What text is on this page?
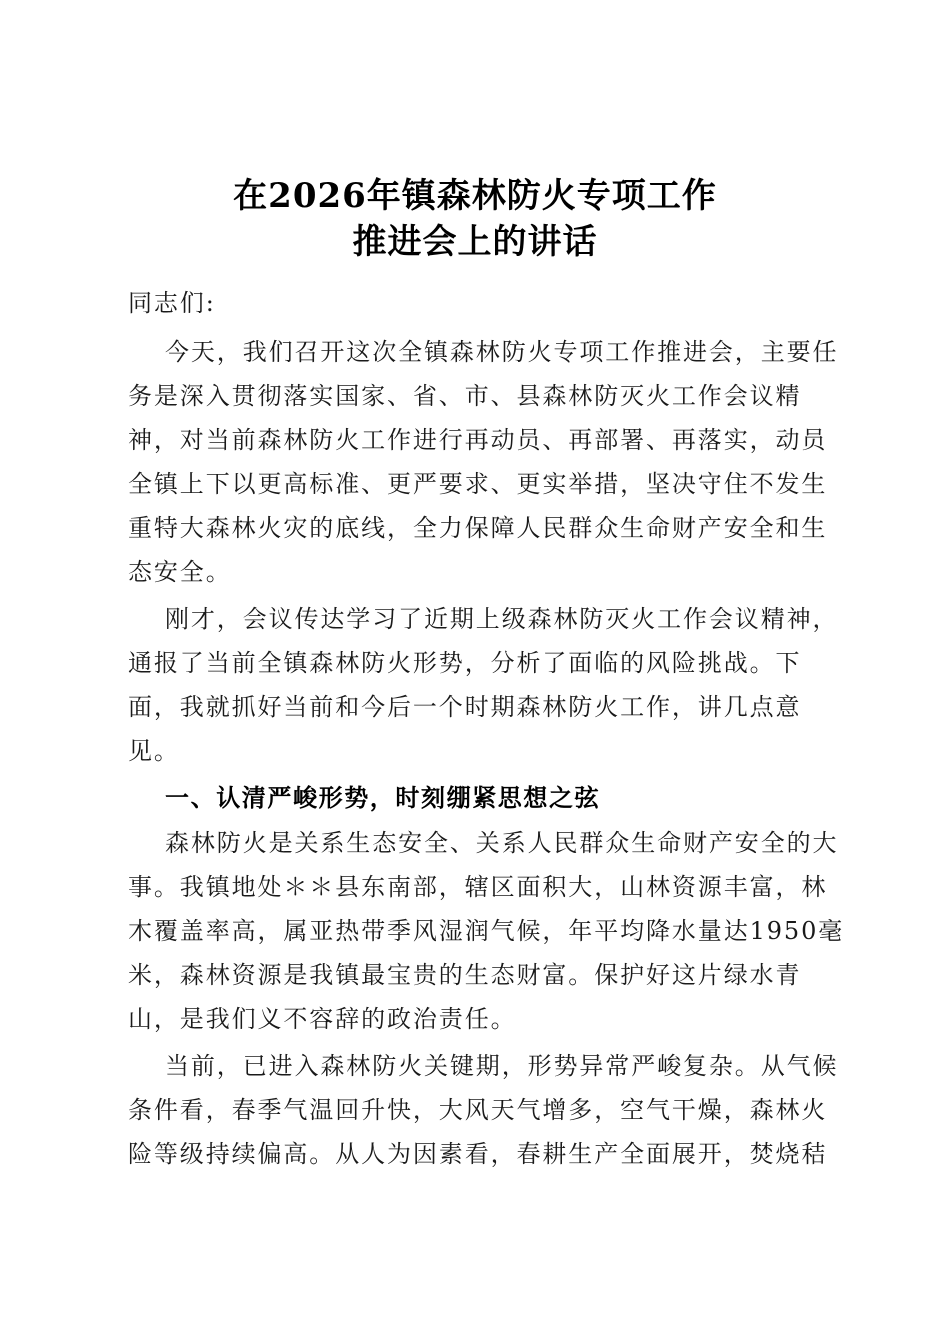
在2026年镇森林防火专项工作
推进会上的讲话
同志们:
今天，我们召开这次全镇森林防火专项工作推进会，主要任
务是深入贯彻落实国家、省、市、县森林防灭火工作会议精
神，对当前森林防火工作进行再动员、再部署、再落实，动员
全镇上下以更高标准、更严要求、更实举措，坚决守住不发生
重特大森林火灾的底线，全力保障人民群众生命财产安全和生
态安全。
刚才，会议传达学习了近期上级森林防灭火工作会议精神，
通报了当前全镇森林防火形势，分析了面临的风险挑战。下
面，我就抓好当前和今后一个时期森林防火工作，讲几点意
见。
一、认清严峻形势，时刻绷紧思想之弦
森林防火是关系生态安全、关系人民群众生命财产安全的大
事。我镇地处＊＊县东南部，辖区面积大，山林资源丰富，林
木覆盖率高，属亚热带季风湿润气候，年平均降水量达1950毫
米，森林资源是我镇最宝贵的生态财富。保护好这片绿水青
山，是我们义不容辞的政治责任。
当前，已进入森林防火关键期，形势异常严峻复杂。从气候
条件看，春季气温回升快，大风天气增多，空气干燥，森林火
险等级持续偏高。从人为因素看，春耕生产全面展开，焚烧秸
